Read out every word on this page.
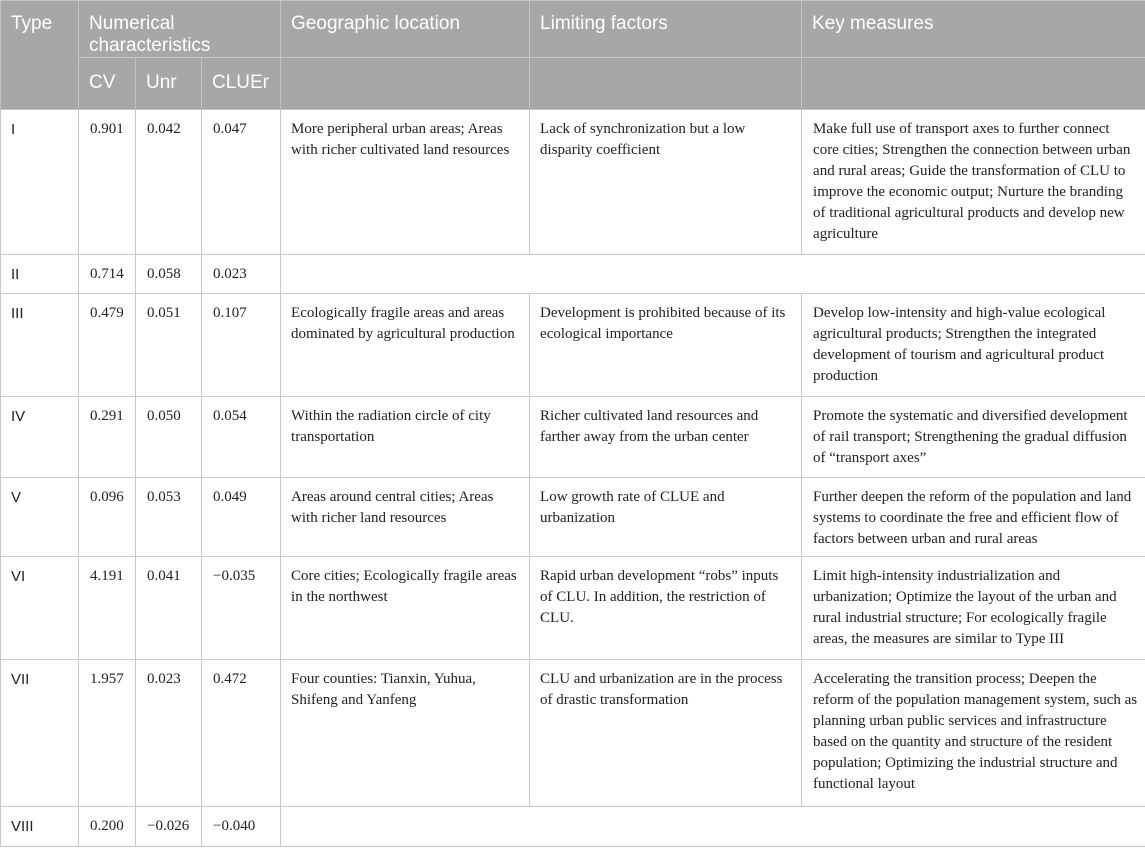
Type	Numerical characteristics			Geographic location	Limiting factors	Key measures
	CV	Unr	CLUEr			
I	0.901	0.042	0.047	More peripheral urban areas; Areas with richer cultivated land resources	Lack of synchronization but a low disparity coefficient	Make full use of transport axes to further connect core cities; Strengthen the connection between urban and rural areas; Guide the transformation of CLU to improve the economic output; Nurture the branding of traditional agricultural products and develop new agriculture
II	0.714	0.058	0.023			
III	0.479	0.051	0.107	Ecologically fragile areas and areas dominated by agricultural production	Development is prohibited because of its ecological importance	Develop low-intensity and high-value ecological agricultural products; Strengthen the integrated development of tourism and agricultural product production
IV	0.291	0.050	0.054	Within the radiation circle of city transportation	Richer cultivated land resources and farther away from the urban center	Promote the systematic and diversified development of rail transport; Strengthening the gradual diffusion of “transport axes”
V	0.096	0.053	0.049	Areas around central cities; Areas with richer land resources	Low growth rate of CLUE and urbanization	Further deepen the reform of the population and land systems to coordinate the free and efficient flow of factors between urban and rural areas
VI	4.191	0.041	−0.035	Core cities; Ecologically fragile areas in the northwest	Rapid urban development “robs” inputs of CLU. In addition, the restriction of CLU.	Limit high-intensity industrialization and urbanization; Optimize the layout of the urban and rural industrial structure; For ecologically fragile areas, the measures are similar to Type III
VII	1.957	0.023	0.472	Four counties: Tianxin, Yuhua, Shifeng and Yanfeng	CLU and urbanization are in the process of drastic transformation	Accelerating the transition process; Deepen the reform of the population management system, such as planning urban public services and infrastructure based on the quantity and structure of the resident population; Optimizing the industrial structure and functional layout
VIII	0.200	−0.026	−0.040			
